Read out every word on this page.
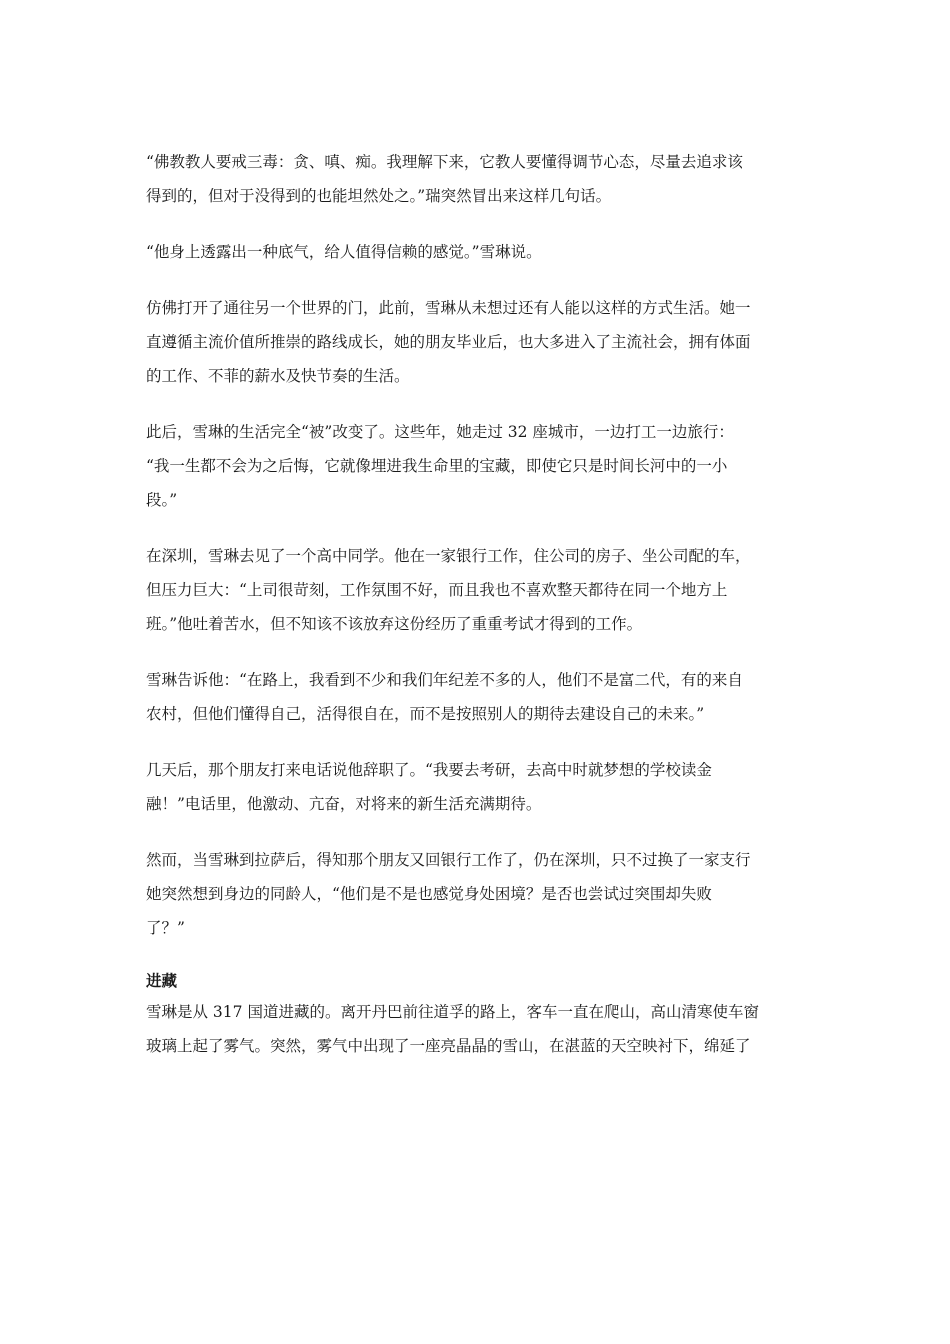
“佛教教人要戒三毒：贪、嗔、痴。我理解下来，它教人要懂得调节心态，尽量去追求该
得到的，但对于没得到的也能坦然处之。”瑞突然冒出来这样几句话。

“他身上透露出一种底气，给人值得信赖的感觉。”雪琳说。

仿佛打开了通往另一个世界的门，此前，雪琳从未想过还有人能以这样的方式生活。她一
直遵循主流价值所推崇的路线成长，她的朋友毕业后，也大多进入了主流社会，拥有体面
的工作、不菲的薪水及快节奏的生活。

此后，雪琳的生活完全“被”改变了。这些年，她走过 32 座城市，一边打工一边旅行：
“我一生都不会为之后悔，它就像埋进我生命里的宝藏，即使它只是时间长河中的一小
段。”

在深圳，雪琳去见了一个高中同学。他在一家银行工作，住公司的房子、坐公司配的车，
但压力巨大：“上司很苛刻，工作氛围不好，而且我也不喜欢整天都待在同一个地方上
班。”他吐着苦水，但不知该不该放弃这份经历了重重考试才得到的工作。

雪琳告诉他：“在路上，我看到不少和我们年纪差不多的人，他们不是富二代，有的来自
农村，但他们懂得自己，活得很自在，而不是按照别人的期待去建设自己的未来。”

几天后，那个朋友打来电话说他辞职了。“我要去考研，去高中时就梦想的学校读金
融！”电话里，他激动、亢奋，对将来的新生活充满期待。

然而，当雪琳到拉萨后，得知那个朋友又回银行工作了，仍在深圳，只不过换了一家支行
她突然想到身边的同龄人，“他们是不是也感觉身处困境？是否也尝试过突围却失败
了？”

进藏

雪琳是从 317 国道进藏的。离开丹巴前往道孚的路上，客车一直在爬山，高山清寒使车窗
玻璃上起了雾气。突然，雾气中出现了一座亮晶晶的雪山，在湛蓝的天空映衬下，绵延了
